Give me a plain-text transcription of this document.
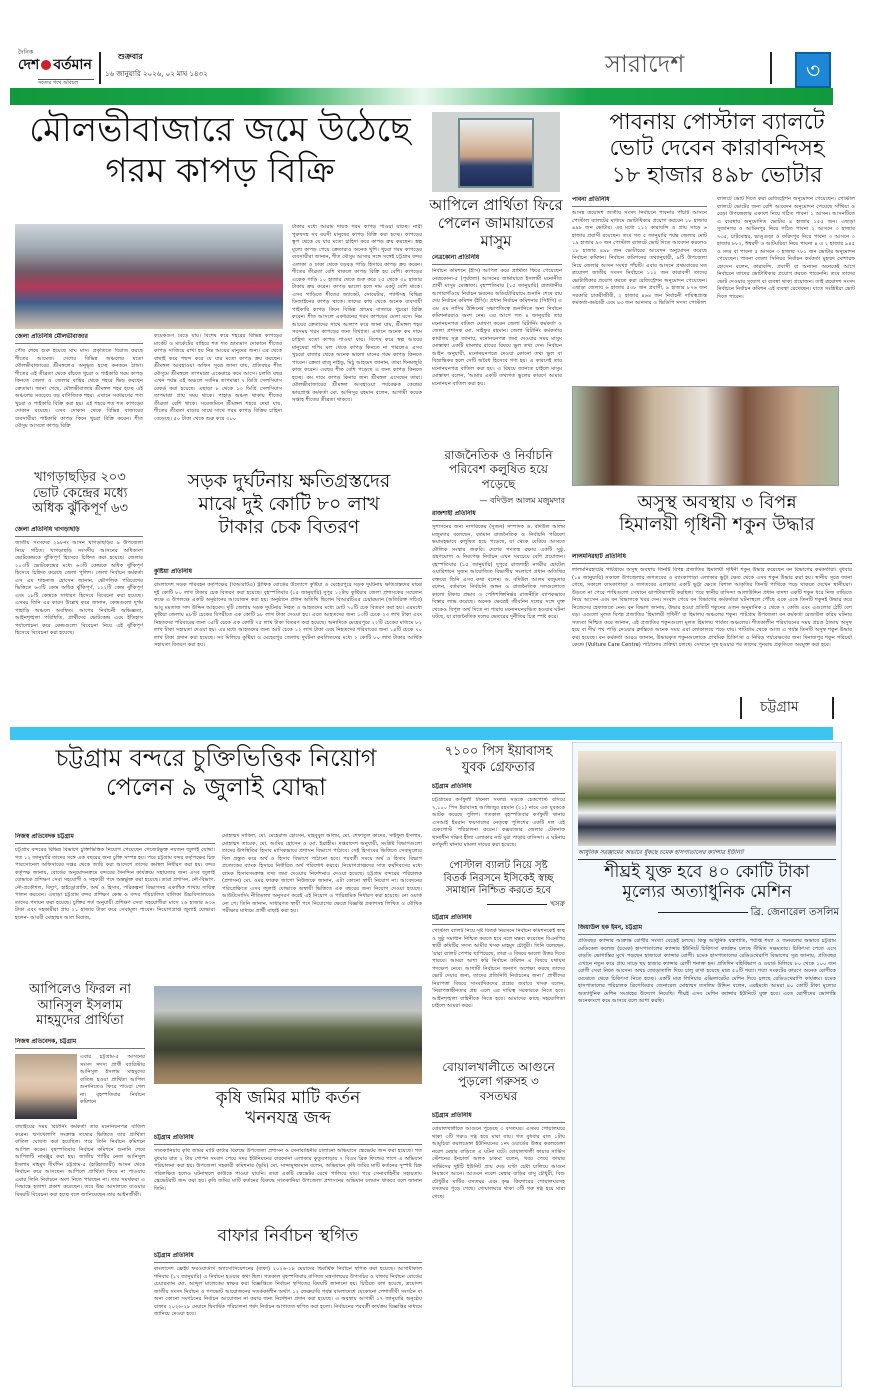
দৈনিক
দেশ বর্তমান
সত্যের পথে অবিচল
শুক্রবার
১৬ জানুয়ারি ২০২৬, ০২ মাঘ ১৪৩২	সারাদেশ	৩
মৌলভীবাজারে জমে উঠেছে
গরম কাপড় বিক্রি
জেলা প্রতিনিধি মৌলভীবাজার
পৌষ শেষে শুরু হয়েছে মাঘ মাস। প্রকৃতিতে বিরাজ করছে শীতের আমেজ। দেশের বিভিন্ন অঞ্চলের মতো মৌলভীবাজারের শ্রীমঙ্গলেও অনুভূত হচ্ছে কনকনে ঠান্ডা। শীতের এই তীব্রতা থেকে বাঁচতে খুচরা ও পাইকারি গরম কাপড় কিনতে জেলা ও জেলার বাহির থেকে শহরে ভিড় করছেন ক্রেতারা। জানা গেছে, মৌলভীবাজার শ্রীমঙ্গল শহর হচ্ছে এই অঞ্চলের সবচেয়ে বড় বাণিজ্যিক শহর। এখানে সবধরণের পণ্য খুচরা ও পাইকারি বিক্রি করা হয়। এই শহরে শত শত কাপড়ের দোকান রয়েছে। এসব দোকান থেকে বিভিন্ন বাজারের ব্যবসায়ীরা পাইকারি কাপড় কিনে খুচরা বিক্রি করেন। শীত মৌসুম আসলে কাপড় বিক্রি
কয়েকগুণ বেড়ে যায়। বিশেষ করে শহরের বিভিন্ন কাপড়ের মার্কেট ও মার্কেটের বাহিরে শত শত ভ্রাম্যমাণ দোকানে শীতের কাপড় সাজিয়ে রাখা হয় নিম্ন আয়ের মানুষের জন্য। এর থেকে বাছাই করে পছন্দ করে যে যার মতো কাপড় ক্রয় করছেন। শ্রীমঙ্গল আবহাওয়া অফিস সূত্রে জানা যায়, প্রতিবছর শীত মৌসুমে শ্রীমঙ্গলে তাপমাত্রা একেবারে কমে আসে। চলতি বছর এখন পর্যন্ত এই অঞ্চলে সর্বনিম্ন তাপমাত্রা ৭ ডিগ্রি সেলসিয়াস রেকর্ড করা হয়েছে। এছাড়া ৮ থেকে ১৩ ডিগ্রি সেলসিয়াস তাপমাত্রা প্রায় সময় থাকে। পাহাড় অঞ্চল থাকায় শীতের তীব্রতা বেশি থাকে। সরেজমিনে শ্রীমঙ্গল শহরে দেখা যায়, শীতের তীব্রতা বাড়ার সাথে সাথে গরম কাপড় বিক্রির চাহিদা বেড়েছে। ৫০ টাকা থেকে শুরু করে ৩০০
টাকার মধ্যে আরাম দায়ক গরম কাপড় পাওয়া যাচ্ছে। নারী পুরুষসহ সব বয়সী মানুষের কাপড় বিক্রি করা হচ্ছে। কাপড়ের স্তূপ থেকে যে যার মতো চাহিদা করে কাপড় ক্রয় করছেন। স্বল্প মূল্যে কাপড় পেয়ে ক্রেতারাও অনেক খুশি। খুচরা গরম কাপড়ের ব্যবসায়ীরা জানান, শীত মৌসুম আসার সঙ্গে সঙ্গেই চট্টগ্রাম বন্দর এলাকা ও ঢাকা থেকে বড়বড় গাড়ি হিসাবে কাপড় ক্রয় করেন। শীতের তীব্রতা বেশি থাকলে কাপড় বিক্রি হয় বেশি। কাপড়ের একেক গাড়ি ১০ হাজার থেকে শুরু করে ২৫ থেকে ৩০ হাজার টাকায় ক্রয় করেন। কাপড় ভালো হলে দাম একটু বেশি থাকে। এসব গাড়িতে শীতের জ্যাকেট, সোয়েটার, প্যান্টসহ বিভিন্ন ডিজাইনের কাপড় থাকে। তাদের কাছ থেকে অনেক ব্যবসায়ী পাইকারি কাপড় কিনে বিভিন্ন গ্রামের বাজারে খুচরো বিক্রি করেন। শীত আসলে একধরনের গরম কাপড়ের মেলা বসে। নিম্ন আয়ের ক্রেতাদের সাথে আলাপ করে জানা যায়, শ্রীমঙ্গল শহর সবসময় গরম কাপড়ের জন্য বিখ্যাত। এখানে অনেক কম দামে চাহিদা মতো কাপড় পাওয়া যায়। বিশেষ করে স্বল্প আয়ের মানুষেরা শপিং মল থেকে কাপড় কিনতে না পারলেও এসব খুচরো বাজার থেকে অনেক ভালো মানের গরম কাপড় কিনতে পারেন। ক্রেতা রাজু নাইডু, মিঠু আহমেদ জানান, তারা দিনমজুরি কাজ করেন। এবছর শীত বেশি পড়েছে এ জন্য কাপড় কিনতে হচ্ছে। কম দামে কাপড় কিনার জন্য শ্রীমঙ্গল এসেছেন তারা। মৌলভীবাজারের শ্রীমঙ্গল আবহাওয়া পর্যবেক্ষক কেন্দ্রের ভারপ্রাপ্ত কর্মকর্তা মো. আনিসুর রহমান বলেন, আগামী কয়েক সপ্তাহ শীতের তীব্রতা থাকবে।
আপিলে প্রার্থিতা ফিরে
পেলেন জামায়াতের
মাসুম
নেত্রকোনা প্রতিনিধি
নির্বাচন কমিশনে (ইসি) আপিল করে প্রার্থিতা ফিরে পেয়েছেন নেত্রকোনা-৫ (পূর্বধলা) আসনের জামায়াতে ইসলামী মনোনীত প্রার্থী মাসুম মোস্তাফা। বৃহস্পতিবার (১৫ জানুয়ারি) রাজধানীর আগারগাঁওয়ে নির্বাচন ভবনের অডিটোরিয়ামে শুনানি শেষে রায় দেয় নির্বাচন কমিশন (ইসি)। প্রধান নির্বাচন কমিশনার (সিইসি) এ এম এম নাসির উদ্দিনের সভাপতিত্বে শুনানিতে অন্য নির্বাচন কমিশনাররাও অংশ নেন। এর আগে গত ৪ জানুয়ারি তার মনোনয়নপত্র বাতিল ঘোষণা করেন জেলা রিটার্নিং কর্মকর্তা ও জেলা প্রশাসক মো. সাইফুর রহমান। জেলা রিটার্নিং কর্মকর্তার কার্যালয় সূত্র জানায়, মনোনয়নপত্র জমা দেওয়ার সময় মাসুম মোস্তাফা একটি মামলার রায়ের বিষয়ে ভুল তথ্য দেন। নির্বাচন আইন অনুযায়ী, মনোনয়নপত্রে দেওয়া কোনো তথ্য ভুল বা বিভ্রান্তিকর হলে সেটি অবৈধ হিসেবে গণ্য হয়। এ কারণেই তার মনোনয়নপত্র বাতিল করা হয়। এ বিষয়ে জানতে চাইলে মাসুম মোস্তাফা বলেন, 'আমার একটি তথ্যগত ভুলের কারণে আমার মনোনয়ন বাতিল করা হয়।
পাবনায় পোস্টাল ব্যালটে
ভোট দেবেন কারাবন্দিসহ
১৮ হাজার ৪৯৮ ভোটার
পাবনা প্রতিনিধি
আসন্ন ত্রয়োদশ জাতীয় সংসদ নির্বাচনে পাবনার পাঁচটি আসনে পোস্টাল ব্যালটের মাধ্যমে ভোটাধিকার প্রয়োগ করবেন ১৮ হাজার ৪৯৮ জন ভোটার। এর মধ্যে ১১২ কারাবন্দি ও প্রায় সাড়ে ৬ হাজার প্রবাসী রয়েছেন। তবে গত ৫ জানুয়ারি পর্যন্ত জেলার মোট ১৯ হাজার ৯৩ জন পোস্টাল ব্যালটে ভোট দিতে আবেদন করলেও ১৮ হাজার ৪৯৮ জন ভোটারের আবেদন অনুমোদন করেছে নির্বাচন কমিশন। নির্বাচন কমিশনের তথ্যানুযায়ী, ৯টি উপজেলা নিয়ে জেলার আসন সংখ্যা পাঁচটি। এবার আসনে প্রথমবারের মত ত্রয়োদশ জাতীয় সংসদ নির্বাচনে ১১২ জন কারাবন্দী তাদের ভোটাধিকার প্রয়োগ করতে করা রেজিস্ট্রেশন অনুমোদন পেয়েছেন। এছাড়া জেলায় ৬ হাজার ৫৩৮ জন প্রবাসী, ৯ হাজার ৮৭৬ জন সরকারি চাকরীজীবী, ২ হাজার ৪৬৪ জন নির্বাচনী দায়িত্বপ্রাপ্ত কর্মকর্তা-কর্মচারী এবং ৪৩ জন আনসার ও ভিডিপি সদস্য পোস্টাল
ব্যালটে ভোট দিতে করা রেজিস্ট্রেশন অনুমোদন পেয়েছেন। পোস্টাল ব্যালটে ভোটের জন্য বেশি আবেদন অনুমোদন পেয়েছে সাঁথিয়া ও বেড়া উপজেলার একাংশ নিয়ে গঠিত পাবনা ১ আসন। আসনটিতে এ ব্যবস্থায় অনুমোদিত ভোটার ৪ হাজার ১৫৫ জন। এছাড়া সুজানগর ও আমিনপুর নিয়ে গঠিত পাবনা ২ আসনে ৩ হাজার ৭৩৫, চাটমোহর, ভাঙ্গুড়া ও ফরিদপুর নিয়ে পাবনা ৩ আসনে ৩ হাজার ৮৮২, ঈশ্বরদী ও আটঘরিয়া নিয়ে পাবনা ৪ এ ২ হাজার ৯৪৫ ও সদর বা পাবনা ৫ আসনে ৩ হাজার ৭৮১ জন ভোটার অনুমোদন পেয়েছেন। পাবনা জেলা সিনিয়র নির্বাচন কর্মকর্তা মুহম্মদ মোশারফ হোসেন বলেন, কারাবন্দি, প্রবাসী বা অন্যান্য অনেকেই আগে নির্বাচনে তাদের ভোটাধিকার প্রয়োগ করতে পারেননি। তবে তাদের ভোট দেওয়ার সুযোগ বা ব্যবস্থা থাকা প্রয়োজন। তাই ত্রয়োদশ সংসদ নির্বাচনে নির্বাচন কমিশন এই ব্যবস্থা রেখেছেন। যাতে সংশ্লিষ্টরা ভোট দিতে পারেন।
রাজনৈতিক ও নির্বাচনি
পরিবেশ কলুষিত হয়ে
পড়েছে
— বদিউল আলম মজুমদার
রাজশাহী প্রতিনিধি
সুশাসনের জন্য নাগরিকের (সুজন) সম্পাদক ড. বদিউল আলম মজুমদার বলেছেন, বর্তমান রাজনৈতিক ও নির্বাচনি পরিবেশ ভয়াবহভাবে কলুষিত হয়ে পড়েছে, যা থেকে বেরিয়ে আসতে মৌলিক সংস্কার জরুরি। দেশের গণতন্ত্র রক্ষার একটি সুষ্ঠু, গ্রহণযোগ্য ও নিরপেক্ষ নির্বাচন এখন সবচেয়ে বেশি প্রয়োজন। বৃহস্পতিবার (১৫ জানুয়ারি) দুপুরে রাজশাহী নগরীর হোটেল ওয়ারিশানে সুজন আয়োজিত বিভাগীয় সংলাপে প্রধান অতিথির বক্তব্যে তিনি এসব কথা বলেন। ড. বদিউল আলম মজুমদার বলেন, বর্তমানে নির্বাচনি অঙ্গন ও রাজনৈতিক দলগুলোতে কালো টাকার প্রভাব ও পেশিশক্তিনির্ভর রাজনীতি ব্যাপকভাবে বিস্তার লাভ করেছে। অনেক ক্ষেত্রেই জীবনিন দলের সঙ্গে যুক্ত থেকেও বিপুল অর্থ দিতে না পারায় মনোনয়নবঞ্চিত হওয়ার ঘটনা ঘটছে, যা রাজনৈতিক দলের ভেতরের দুর্নীতির চিত্র স্পষ্ট করে।
অসুস্থ অবস্থায় ৩ বিপন্ন
হিমালয়ী গৃধিনী শকুন উদ্ধার
লালমনিরহাট প্রতিনিধি
লালমনিরহাটের পাটগ্রামে অসুস্থ অবস্থায় তিনটি বিপন্ন প্রজাতির হিমালয়ী গৃধিনী শকুন উদ্ধার করেছেন বন বিভাগের কর্মকর্তারা। বুধবার (১৪ জানুয়ারি) সকালে উপজেলার জগতবের ও ব্যাংকাপাড়া এলাকার ভুট্টা ক্ষেত থেকে এসব শকুন উদ্ধার করা হয়। স্থানীয় সূত্রে জানা গেছে, সকালে ব্যাংকাপাড়া ও জগতবের এলাকার একটি ভুট্টা ক্ষেতে বিশাল আকৃতির তিনটি পাখিকে পড়ে থাকতে দেখেন স্থানীয়রা। উড়তে না পেরে পাখিগুলো সেখানে ঝাপটাঝাপটি করছিল। পরে স্থানীয় বাসিন্দা আলাউদ্দিন প্রধান বাদশা একটি শকুন ধরে নিজ বাড়িতে নিয়ে আসেন এবং বন বিভাগকে খবর দেন। সংবাদ পেয়ে বন বিভাগের কর্মকর্তারা ঘটনাস্থলে পৌঁছে একে একে তিনটি শকুনই উদ্ধার করে নিজেদের হেফাজতে নেন। বন বিভাগ জানায়, উদ্ধার হওয়া প্রতিটি শকুনের ওজন অনুমানিক ৫ থেকে ৭ কেজি এবং এগুলোর ঠোঁট বেশ বড়। এগুলো মূলত বিপন্ন প্রজাতির 'হিমালয়ী গৃধিনী' বা হিমালয় অঞ্চলের শকুন। পাটগ্রাম উপজেলা বন কর্মকর্তা রেজাউল করিম ঘটনার সত্যতা নিশ্চিত করে জানান, এই প্রজাতির শকুনগুলো মূলত হিমালয় পার্বত্য অঞ্চলের। শীতকালীন পরিযায়নের সময় প্রচণ্ড ঠান্ডায় অসুস্থ হয়ে বা দীর্ঘ পথ পাড়ি দেওয়ার ক্লান্তিতে অনেক সময় এরা লোকালয়ে পড়ে যায়। পাটগ্রাম থেকে আজ এ পর্যন্ত তিনটি অসুস্থ শকুন উদ্ধার করা হয়েছে। বন কর্মকর্তা আরও জানান, উদ্ধারকৃত শকুনগুলোকে প্রাথমিক চিকিৎসা ও নিবিড় পর্যবেক্ষণের জন্য দিনাজপুর শকুন পরিচর্যা কেন্দ্রে (Vulture Care Centre) পাঠানোর প্রক্রিয়া চলছে। সেখানে সুস্থ হওয়ার পর তাদের পুনরায় প্রকৃতিতে অবমুক্ত করা হবে।
খাগড়াছড়ির ২০৩
ভোট কেন্দ্রের মধ্যে
অধিক ঝুঁকিপূর্ণ ৬৩
জেলা প্রতিনিধি খাগড়াছড়ি
জাতীয় সংসদের ২৯৮নং আসন খাগড়াছড়ির ৯ উপজেলা নিয়ে গঠিত। খাগড়াছড়ি সংসদীয় আসনের অধিকাংশ ভোটকেন্দ্রকে ঝুঁকিপূর্ণ হিসেবে চিহ্নিত করা হয়েছে। জেলার ২০৩টি ভোটকেন্দ্রের মধ্যে ৬৩টি কেন্দ্রকে অধিক ঝুঁকিপূর্ণ হিসেবে চিহ্নিত করেছে জেলা পুলিশ। জেলা নির্বাচন কর্মকর্তা এস এম শাহনাজ হোসেন জানান, ভৌগলিক পরিবেশের ভিত্তিতে ৬৩টি কেন্দ্র অধিক ঝুঁকিপূর্ণ, ১২২টি কেন্দ্র ঝুঁকিপূর্ণ এবং ১৮টি কেন্দ্রকে সাধারণ হিসেবে বিবেচনা করা হয়েছে। এসময় তিনি এর কারণ উল্লেখ করে জানান, কেন্দ্রগুলো দুর্গম পাহাড়ি অঞ্চলে অবস্থিত। আগের নির্বাচনী অভিজ্ঞতা, আইনশৃঙ্খলা পরিস্থিতি, প্রার্থীদের ভোটকেন্দ্র এবং ইতিহাস পর্যালোচনা করে কেন্দ্রগুলো বিবেচনা নিয়ে এই ঝুঁকিপূর্ণ হিসেবে বিবেচনা করা হয়েছে।
সড়ক দুর্ঘটনায় ক্ষতিগ্রস্তদের
মাঝে দুই কোটি ৮০ লাখ
টাকার চেক বিতরণ
কুষ্টিয়া প্রতিনিধি
বাংলাদেশ সড়ক পরিবহন কর্তৃপক্ষের (বিআরটিএ) ট্রাফিক বোর্ডের উদ্যোগে কুষ্টিয়া ও মেহেরপুরে সড়ক দুর্ঘটনায় ক্ষতিগ্রস্তদের মাঝে দুই কোটি ৮০ লাখ টাকার চেক বিতরণ করা হয়েছে। বৃহস্পতিবার (১৫ জানুয়ারি) দুপুর ১২টায় কুষ্টিয়ার জেলা প্রশাসকের সম্মেলন কক্ষে এ উপলক্ষে একটি অনুষ্ঠানের আয়োজন করা হয়। অনুষ্ঠানে প্রধান অতিথি ছিলেন বিআরটিএর চেয়ারম্যান (অতিরিক্ত সচিব) আবু মমতাজ সাদ উদ্দিন আহমেদ। দুটি জেলায় সড়ক দুর্ঘটনায় নিহত ও আহতদের মধ্যে মোট ৭০টি চেক বিতরণ করা হয়। এরমধ্যে কুষ্টিয়া জেলায় ৪৮টি চেকের বিপরীতে এক কোটি ৯৮ লাখ টাকা দেওয়া হয়। এতে আহতদের জন্য ১৩টি চেকে ২৩ লাখ টাকা এবং নিহতদের পরিবারের জন্য ৩৫টি চেকে এক কোটি ৭৫ লাখ টাকা বিতরণ করা হয়েছে। অন্যদিকে মেহেরপুরে ২২টি চেকের মাধ্যমে ৮২ লাখ টাকা সহায়তা দেওয়া হয়। এর মধ্যে আহতদের জন্য আট চেকে ১২ লাখ টাকা এবং নিহতদের পরিবারের জন্য ১৪টি চেকে ৭০ লাখ টাকা প্রদান করা হয়েছে। সব মিলিয়ে কুষ্টিয়া ও মেহেরপুর জেলায় দুর্ঘটনা কবলিতদের মধ্যে ২ কোটি ৮০ লাখ টাকার আর্থিক সহায়তা বিতরণ করা হয়।
চট্টগ্রাম
চট্টগ্রাম বন্দরে চুক্তিভিত্তিক নিয়োগ
পেলেন ৯ জুলাই যোদ্ধা
নিজস্ব প্রতিবেদক চট্টগ্রাম
চট্টগ্রাম বন্দরের বিভিন্ন বিভাগে চুক্তিভিত্তিক নিয়োগ পেয়েছেন গেজেটভুক্ত নয়জন জুলাই যোদ্ধা। গত ১২ জানুয়ারি তাদের সঙ্গে এক বছরের জন্য চুক্তি সম্পন্ন হয়। পরে চট্টগ্রাম বন্দর কর্তৃপক্ষের চিফ পারসোনেল অফিসারের দপ্তর থেকে জারি করা আদেশে তাদের কর্মস্থল নির্ধারণ করা হয়। বন্দর কর্তৃপক্ষ জানায়, বোর্ডের অনুমোদনক্রমে বন্দরের দৈনন্দিন কার্যক্রমে সহায়তার জন্য এসব জুলাই যোদ্ধাকে প্রশিক্ষণ সেবা সহযোগী ও সহকারী পদে অন্তর্ভুক্ত করা হয়েছে। তারা প্রশাসন, নৌ-বিভাগ, নৌ-প্রকৌশল, বিদ্যুৎ, হাইড্রোগ্রাফি, অর্থ ও হিসাব, পরিকল্পনা বিভাগসহ একাধিক শাখায় দায়িত্ব পালন করবেন। এছাড়া চট্টগ্রাম বন্দর প্রশিক্ষণ কেন্দ্র ও বন্দর পরিচালিত বালিকা উচ্চবিদ্যালয়েও তাদের পদায়ন করা হয়েছে। চুক্তির শর্ত অনুযায়ী প্রশিক্ষণ সেবা সহযোগীরা মাসে ২৬ হাজার ৬৩৬ টাকা এবং সহকারীরা প্রায় ২১ হাজার টাকা করে সেবামূল্য পাবেন। নিয়োগপ্রাপ্ত জুলাই যোদ্ধারা হলেন- আরবী মোহাম্মদ আল মিরাজ,
মোহাম্মদ সাকিল, মো. মেহেরাজ হোসেন, মাহবুবুল আলম, মো. শেফাতুল কাদের, সাইফুল ইসলাম, মোহাম্মদ তারেক, মো. আমির হোসেন ও মো. ইব্রাহীম। দপ্তরাদেশ অনুযায়ী, সংশ্লিষ্ট বিভাগগুলো তাদের উপস্থিতির হিসাব মাসিকভাবে প্রশাসন বিভাগে পাঠাবে। সেই হিসাবের ভিত্তিতে সেবামূল্যের বিল প্রস্তুত করে অর্থ ও হিসাব বিভাগে পাঠানো হবে। পরবর্তী সময়ে অর্থ ও হিসাব বিভাগ প্রত্যেকের ব্যাংক হিসাবে নির্ধারিত অর্থ পরিশোধ করবে। নিয়োগপ্রাপ্তদের সাত কর্মদিবসের মধ্যে ব্যাংক হিসাবসংক্রান্ত তথ্য জমা দেওয়ার নির্দেশনাও দেওয়া হয়েছে। চট্টগ্রাম বন্দরের পরিচালক (প্রশাসন) মো. ওমর ফারুক জাগো নিউজকে জানান, এটা কোনো স্থায়ী নিয়োগ না। আবেদনের পরিপ্রেক্ষিতে এসব জুলাই যোদ্ধাকে অস্থায়ী ভিত্তিতে এক বছরের জন্য নিয়োগ দেওয়া হয়েছে। আউটসোর্সিং নীতিমালা অনুসরণ করেই এই নিয়োগ ও পারিশ্রমিক নির্ধারণ করা হয়েছে। নো ওয়ার্ক নো পে। তিনি জানান, সাধারণত স্থায়ী পদে নিয়োগের ক্ষেত্রে বিজ্ঞপ্তি প্রকাশসহ লিখিত ও মৌখিক পরীক্ষার মাধ্যমে প্রার্থী বাছাই করা হয়।
৭১০০ পিস ইয়াবাসহ
যুবক গ্রেফতার
চট্টগ্রাম প্রতিনিধি
চট্টগ্রামের কর্ণফুলী টানেল সংলগ্ন সড়কে চেকপোস্ট বসিয়ে ৭,১০০ পিস ইয়াবাসহ আজিজুর রহমান (২১) নামে এক যুবককে আটক করেছে পুলিশ। গতকাল বৃহস্পতিবার কর্ণফুলী থানার এসআই ইমরান ফয়সালের নেতৃত্বে পুলিশের একটি দল এই চেকপোস্ট পরিচালনা করেন। কক্সবাজার জেলার টেকনাফ থানাধীন দক্ষিণ হীলা এলাকার নাট মুরা পাড়ার বাসিন্দা। এ ঘটনায় কর্ণফুলী থানায় মামলা দায়ের করা হয়েছে।
পোস্টাল ব্যালট নিয়ে সৃষ্ট
বিতর্ক নিরসনে ইসিকেই স্বচ্ছ
সমাধান নিশ্চিত করতে হবে
খসরু
চট্টগ্রাম প্রতিনিধি
পোস্টাল ব্যালট নিয়ে সৃষ্ট বিতর্ক নিরসনে নির্বাচন কমিশনকেই স্বচ্ছ ও সুষ্ঠু সমাধান নিশ্চিত করতে হবে বলে মন্তব্য করেছেন বিএনপির স্থায়ী কমিটির সদস্য আমীর খসরু মাহমুদ চৌধুরী। তিনি বলেছেন, 'যারা ব্যালট পেপার ছাপিয়েছে, তারা এ বিষয়ে ভালো উত্তর দিতে পারবে। আমরা আশা করি নির্বাচন কমিশন এ বিষয়ে যথাযথ পদক্ষেপ নেবে। আগামী নির্বাচনে জনগণ অপেক্ষা করছে তাদের ভোট দেয়ার জন্য, তাদের প্রতিনিধি নির্বাচনের জন্য।' প্রার্থীদের নিরাপত্তা বিষয়ে সাংবাদিকদের প্রশ্নের জবাবে খসরু বলেন, 'নিরাপত্তাহীনতার প্রশ্ন এলে এর দায়িত্ব সরকারকে নিতে হবে। আইনশৃঙ্খলা বাহিনীকে নিতে হবে। আমাদের কাছে সহযোগিতা চাইলে আমরা করব।
বোয়ালখালীতে আগুনে
পুড়লো গরুসহ ৩
বসতঘর
চট্টগ্রাম প্রতিনিধি
বোয়ালখালীতে আগুনে পুড়েছে ৩ বসতঘর। এসময় গোয়ালঘরে থাকা ৩টি গরুও দগ্ধ হয়ে মারা যায়। গত বুধবার রাত ১টায় আমুচিয়া করলডেঙ্গা ইউনিয়নের ১নং ওয়ার্ডের উত্তর করলডেঙ্গা নরেশ মেম্বার বাড়িতে এ ঘটনা ঘটে। বোয়ালখালী ফায়ার সার্ভিস স্টেশনের ইনচার্জ অলক চাকমা বলেন, খবর পেয়ে ফায়ার সার্ভিসের দুইটি ইউনিট প্রায় দেড় ঘণ্টা চেষ্টা চালিয়ে আগুন নিয়ন্ত্রণে আনে। আগুনে নরেশ মেম্বার বাড়ির বাসু চৌধুরী, বিশু চৌধুরীর মাটির বসতঘর এবং কৃষ্ণ কিশোরের গোয়ালঘরসহ বসতঘর পুড়ে গেছে। গোয়ালঘরে থাকা ৩টি গরু দগ্ধ হয়ে মারা গেছে।
আধুনিক সরঞ্জামের অভাবে ধুঁকছে চমেক হাসপাতালের ক্যান্সার ইউনিট
শীঘ্রই যুক্ত হবে ৪০ কোটি টাকা
মূল্যের অত্যাধুনিক মেশিন
ব্রি. জেনারেল তসলিম
জিয়াউল হক ইমন, চট্টগ্রাম
প্রতিবছর ক্যান্সার আক্রান্ত রোগীর সংখ্যা বেড়েই চলছে। কিন্তু আধুনিক যন্ত্রপাতি, পর্যাপ্ত শয্যা ও জনবলের অভাবে চট্টগ্রাম মেডিকেল কলেজ (চমেক) হাসপাতালের ক্যান্সার ইউনিটে চিকিৎসা কার্যক্রম চলছে সীমিত সক্ষমতায়। চিকিৎসা পেতে এসে বাড়তি ভোগান্তির মুখে পড়ছেন হাজারো ক্যান্সার রোগী। চমেক হাসপাতালের রেডিওথেরাপি বিভাগের সূত্র জানায়, প্রতিবছর এখানে নতুন করে প্রায় সাড়ে ছয় হাজার ক্যান্সার রোগী শনাক্ত হন। প্রতিদিন বহির্বিভাগ ও ওয়ার্ড মিলিয়ে ৮০ থেকে ১০০ জন রোগী সেবা নিতে আসেন। অথচ জোড়াতালি দিয়ে চালু রাখা হয়েছে মাত্র ৫০টি শয্যা। শয্যা সংকটের কারণে অনেক রোগীকে মেঝেতে থেকে চিকিৎসা নিতে হচ্ছে। একটি মাত্র লিনিয়ার এক্সিলারেটর মেশিন দিয়ে চলছে রেডিওথেরাপি কার্যক্রম। চমেক হাসপাতালের পরিচালক ব্রিগেডিয়ার জেনারেল মোহাম্মদ তসলিম উদ্দিন বলেন, এরইমধ্যে আমরা ৪০ কোটি টাকা মূল্যের অত্যাধুনিক মেশিন সংগ্রহের উদ্যোগ নিয়েছি। শীঘ্রই এসব মেশিন ক্যান্সার ইউনিটে যুক্ত হবে। এতে রোগীদের ভোগান্তি অনেকাংশে কমে আসবে বলে আশা করছি।
আপিলেও ফিরল না
আনিসুল ইসলাম
মাহমুদের প্রার্থিতা
নিজস্ব প্রতিবেদক, চট্টগ্রাম
এবার চট্টগ্রাম-৫ আসনের সংসদ সদস্য প্রার্থী ব্যারিস্টার আনিসুল ইসলাম মাহমুদের বাতিল হওয়া প্রার্থিতা আপিল শুনানিতেও ফিরে পাওয়া গেল না। বৃহস্পতিবার নির্বাচন কমিশনে
বাছাইয়ের সময় রিটার্নিং কর্মকর্তা তার মনোনয়নপত্র বাতিল করেন। ঋণখেলাপি সংক্রান্ত তথ্যের ভিত্তিতে তার প্রার্থিতা বাতিল ঘোষণা করা হয়েছিল। পরে তিনি নির্বাচন কমিশনে আপিল করেন। বৃহস্পতিবার নির্বাচন কমিশনে শুনানি শেষে আপিলটি নামঞ্জুর করা হয়। জাতীয় পার্টির নেতা আনিসুল ইসলাম মাহমুদ দীর্ঘদিন চট্টগ্রাম-৫ (হাটহাজারী) আসন থেকে নির্বাচন করে আসছেন। আপিলে প্রার্থিতা ফিরে না পাওয়ায় এবার তিনি নির্বাচনে অংশ নিতে পারছেন না। তার সমর্থকরা এ সিদ্ধান্তে হতাশা প্রকাশ করেছেন। তবে উচ্চ আদালতে যাওয়ার বিষয়টি বিবেচনা করা হচ্ছে বলে জানিয়েছেন তার আইনজীবী।
কৃষি জমির মাটি কর্তন
খননযন্ত্র জব্দ
চট্টগ্রাম প্রতিনিধি
সাতকানিয়ায় কৃষি জমির মাটি কাটার বিরুদ্ধে উপজেলা প্রশাসন ও সেনাবাহিনীর চালানো অভিযানে স্কেভেটর জব্দ করা হয়েছে। গত বুধবার রাত ২ টায় গোপন সংবাদ পেয়ে সদর ইউনিয়নের বারদোনা এলাকার কুতুবপাড়ায় ৭ বিওম ব্রিক ফিল্ডের পাশে এ অভিযান পরিচালনা করা হয়। উপজেলা সহকারী কমিশনার (ভূমি) মো. সাদ্দামুজ্জামান বলেন, অভিযানে কৃষি জমির মাটি কর্তনের সুস্পষ্ট চিহ্ন পরিলক্ষিত হলেও ঘটনাস্থলে কাউকে পাওয়া যায়নি। তারা একটি স্কেভেটর রেখে পালিয়ে যায়। পরে সেনাবাহিনীর সহায়তায় স্কেভেটরটি জব্দ করা হয়। কৃষি জমির মাটি কর্তনের বিরুদ্ধে সাতকানিয়া উপজেলা প্রশাসনের অভিযান চলমান থাকবে বলে জানান তিনি।
বাফার নির্বাচন স্থগিত
চট্টগ্রাম প্রতিনিধি
বাংলাদেশ ফ্রেইট ফরওয়ার্ডার্স অ্যাসোসিয়েশনের (বাফা) ২০২৬-২৮ মেয়াদের দ্বিবার্ষিক নির্বাচন স্থগিত করা হয়েছে। আগামীকাল শনিবার (১৭ জানুয়ারি) এ নির্বাচন হওয়ার কথা ছিল। গতকাল বৃহস্পতিবার বাণিজ্য মন্ত্রণালয়ের উপসচিব ও বাফার নির্বাচন বোর্ডের চেয়ারম্যান মো. আব্দুল মালেকের স্বাক্ষর করা বিজ্ঞপ্তিতে নির্বাচন স্থগিতের বিষয়টি জানানো হয়। চিঠিতে বলা হয়েছে, ত্রয়োদশ জাতীয় সংসদ নির্বাচন ও গণভোট আয়োজনের সতর্ককালীন অর্থাৎ ১২ ফেব্রুয়ারি পর্যন্ত বাংলাদেশে যেকোনো পেশাজীবী সংগঠন বা অন্য কোনো সংগঠনের নির্বাচন আয়োজন না করার জন্য নির্দেশনা প্রদান করা হয়েছে। এ অবস্থায় আগামী ১৭ জানুয়ারি অনুষ্ঠেয় বাফার ২০২৬-২৮ মেয়াদে দ্বিবার্ষিক পরিচালনা পর্ষদ নির্বাচন আপাতত স্থগিত করা হলো। নির্বাচনের পরবর্তী কার্যক্রম বিজ্ঞপ্তির মাধ্যমে জানিয়ে দেওয়া হবে।
